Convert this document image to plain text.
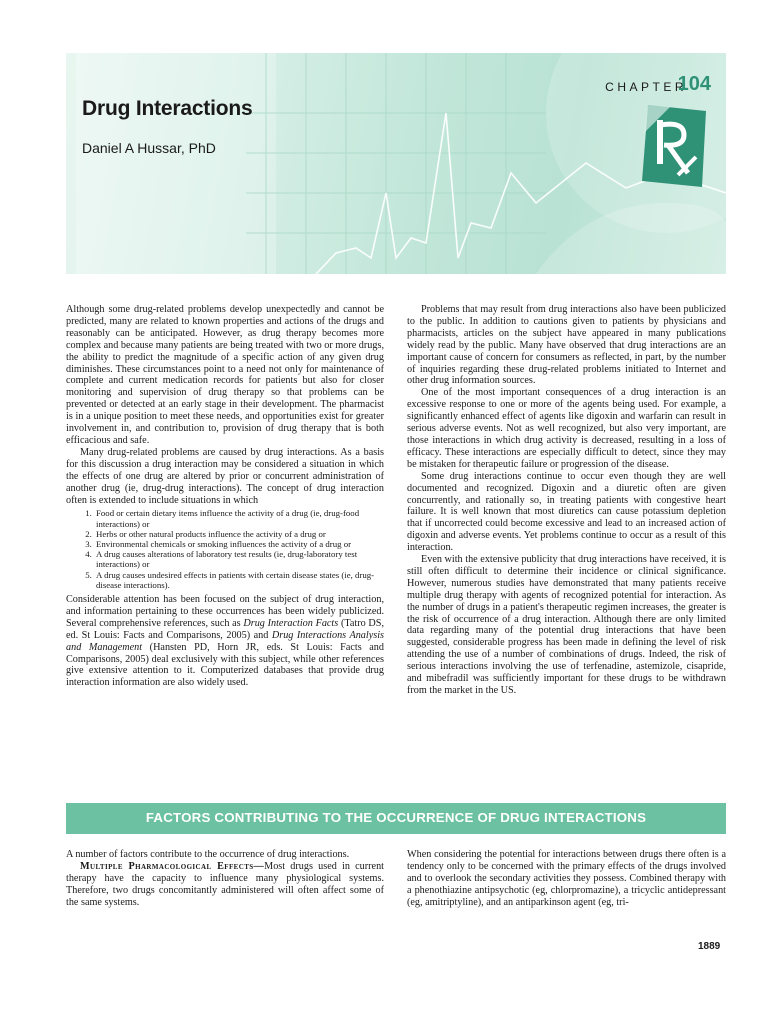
Drug Interactions
Daniel A Hussar, PhD
CHAPTER
104

Although some drug-related problems develop unexpectedly and cannot be predicted, many are related to known properties and actions of the drugs and reasonably can be anticipated. However, as drug therapy becomes more complex and because many patients are being treated with two or more drugs, the ability to predict the magnitude of a specific action of any given drug diminishes. These circumstances point to a need not only for maintenance of complete and current medication records for patients but also for closer monitoring and supervision of drug therapy so that problems can be prevented or detected at an early stage in their development. The pharmacist is in a unique position to meet these needs, and opportunities exist for greater involvement in, and contribution to, provision of drug therapy that is both efficacious and safe.

Many drug-related problems are caused by drug interactions. As a basis for this discussion a drug interaction may be considered a situation in which the effects of one drug are altered by prior or concurrent administration of another drug (ie, drug-drug interactions). The concept of drug interaction often is extended to include situations in which

1. Food or certain dietary items influence the activity of a drug (ie, drug-food interactions) or
2. Herbs or other natural products influence the activity of a drug or
3. Environmental chemicals or smoking influences the activity of a drug or
4. A drug causes alterations of laboratory test results (ie, drug-laboratory test interactions) or
5. A drug causes undesired effects in patients with certain disease states (ie, drug-disease interactions).

Considerable attention has been focused on the subject of drug interaction, and information pertaining to these occurrences has been widely publicized. Several comprehensive references, such as Drug Interaction Facts (Tatro DS, ed. St Louis: Facts and Comparisons, 2005) and Drug Interactions Analysis and Management (Hansten PD, Horn JR, eds. St Louis: Facts and Comparisons, 2005) deal exclusively with this subject, while other references give extensive attention to it. Computerized databases that provide drug interaction information are also widely used.

Problems that may result from drug interactions also have been publicized to the public. In addition to cautions given to patients by physicians and pharmacists, articles on the subject have appeared in many publications widely read by the public. Many have observed that drug interactions are an important cause of concern for consumers as reflected, in part, by the number of inquiries regarding these drug-related problems initiated to Internet and other drug information sources.

One of the most important consequences of a drug interaction is an excessive response to one or more of the agents being used. For example, a significantly enhanced effect of agents like digoxin and warfarin can result in serious adverse events. Not as well recognized, but also very important, are those interactions in which drug activity is decreased, resulting in a loss of efficacy. These interactions are especially difficult to detect, since they may be mistaken for therapeutic failure or progression of the disease.

Some drug interactions continue to occur even though they are well documented and recognized. Digoxin and a diuretic often are given concurrently, and rationally so, in treating patients with congestive heart failure. It is well known that most diuretics can cause potassium depletion that if uncorrected could become excessive and lead to an increased action of digoxin and adverse events. Yet problems continue to occur as a result of this interaction.

Even with the extensive publicity that drug interactions have received, it is still often difficult to determine their incidence or clinical significance. However, numerous studies have demonstrated that many patients receive multiple drug therapy with agents of recognized potential for interaction. As the number of drugs in a patient's therapeutic regimen increases, the greater is the risk of occurrence of a drug interaction. Although there are only limited data regarding many of the potential drug interactions that have been suggested, considerable progress has been made in defining the level of risk attending the use of a number of combinations of drugs. Indeed, the risk of serious interactions involving the use of terfenadine, astemizole, cisapride, and mibefradil was sufficiently important for these drugs to be withdrawn from the market in the US.

FACTORS CONTRIBUTING TO THE OCCURRENCE OF DRUG INTERACTIONS

A number of factors contribute to the occurrence of drug interactions.

Multiple Pharmacological Effects—Most drugs used in current therapy have the capacity to influence many physiological systems. Therefore, two drugs concomitantly administered will often affect some of the same systems.

When considering the potential for interactions between drugs there often is a tendency only to be concerned with the primary effects of the drugs involved and to overlook the secondary activities they possess. Combined therapy with a phenothiazine antipsychotic (eg, chlorpromazine), a tricyclic antidepressant (eg, amitriptyline), and an antiparkinson agent (eg, tri-

1889
